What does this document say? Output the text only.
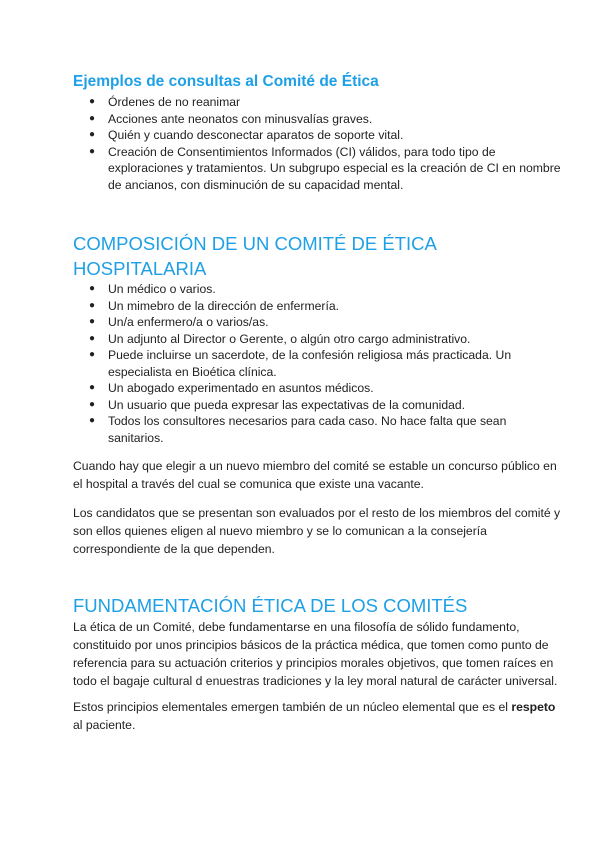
Ejemplos de consultas al Comité de Ética
● Órdenes de no reanimar
● Acciones ante neonatos con minusvalías graves.
● Quién y cuando desconectar aparatos de soporte vital.
● Creación de Consentimientos Informados (CI) válidos, para todo tipo de exploraciones y tratamientos. Un subgrupo especial es la creación de CI en nombre de ancianos, con disminución de su capacidad mental.
COMPOSICIÓN DE UN COMITÉ DE ÉTICA
HOSPITALARIA
● Un médico o varios.
● Un mimebro de la dirección de enfermería.
● Un/a enfermero/a o varios/as.
● Un adjunto al Director o Gerente, o algún otro cargo administrativo.
● Puede incluirse un sacerdote, de la confesión religiosa más practicada. Un especialista en Bioética clínica.
● Un abogado experimentado en asuntos médicos.
● Un usuario que pueda expresar las expectativas de la comunidad.
● Todos los consultores necesarios para cada caso. No hace falta que sean sanitarios.

Cuando hay que elegir a un nuevo miembro del comité se estable un concurso público en el hospital a través del cual se comunica que existe una vacante.

Los candidatos que se presentan son evaluados por el resto de los miembros del comité y son ellos quienes eligen al nuevo miembro y se lo comunican a la consejería correspondiente de la que dependen.

FUNDAMENTACIÓN ÉTICA DE LOS COMITÉS

La ética de un Comité, debe fundamentarse en una filosofía de sólido fundamento, constituido por unos principios básicos de la práctica médica, que tomen como punto de referencia para su actuación criterios y principios morales objetivos, que tomen raíces en todo el bagaje cultural d enuestras tradiciones y la ley moral natural de carácter universal.

Estos principios elementales emergen también de un núcleo elemental que es el respeto al paciente.
